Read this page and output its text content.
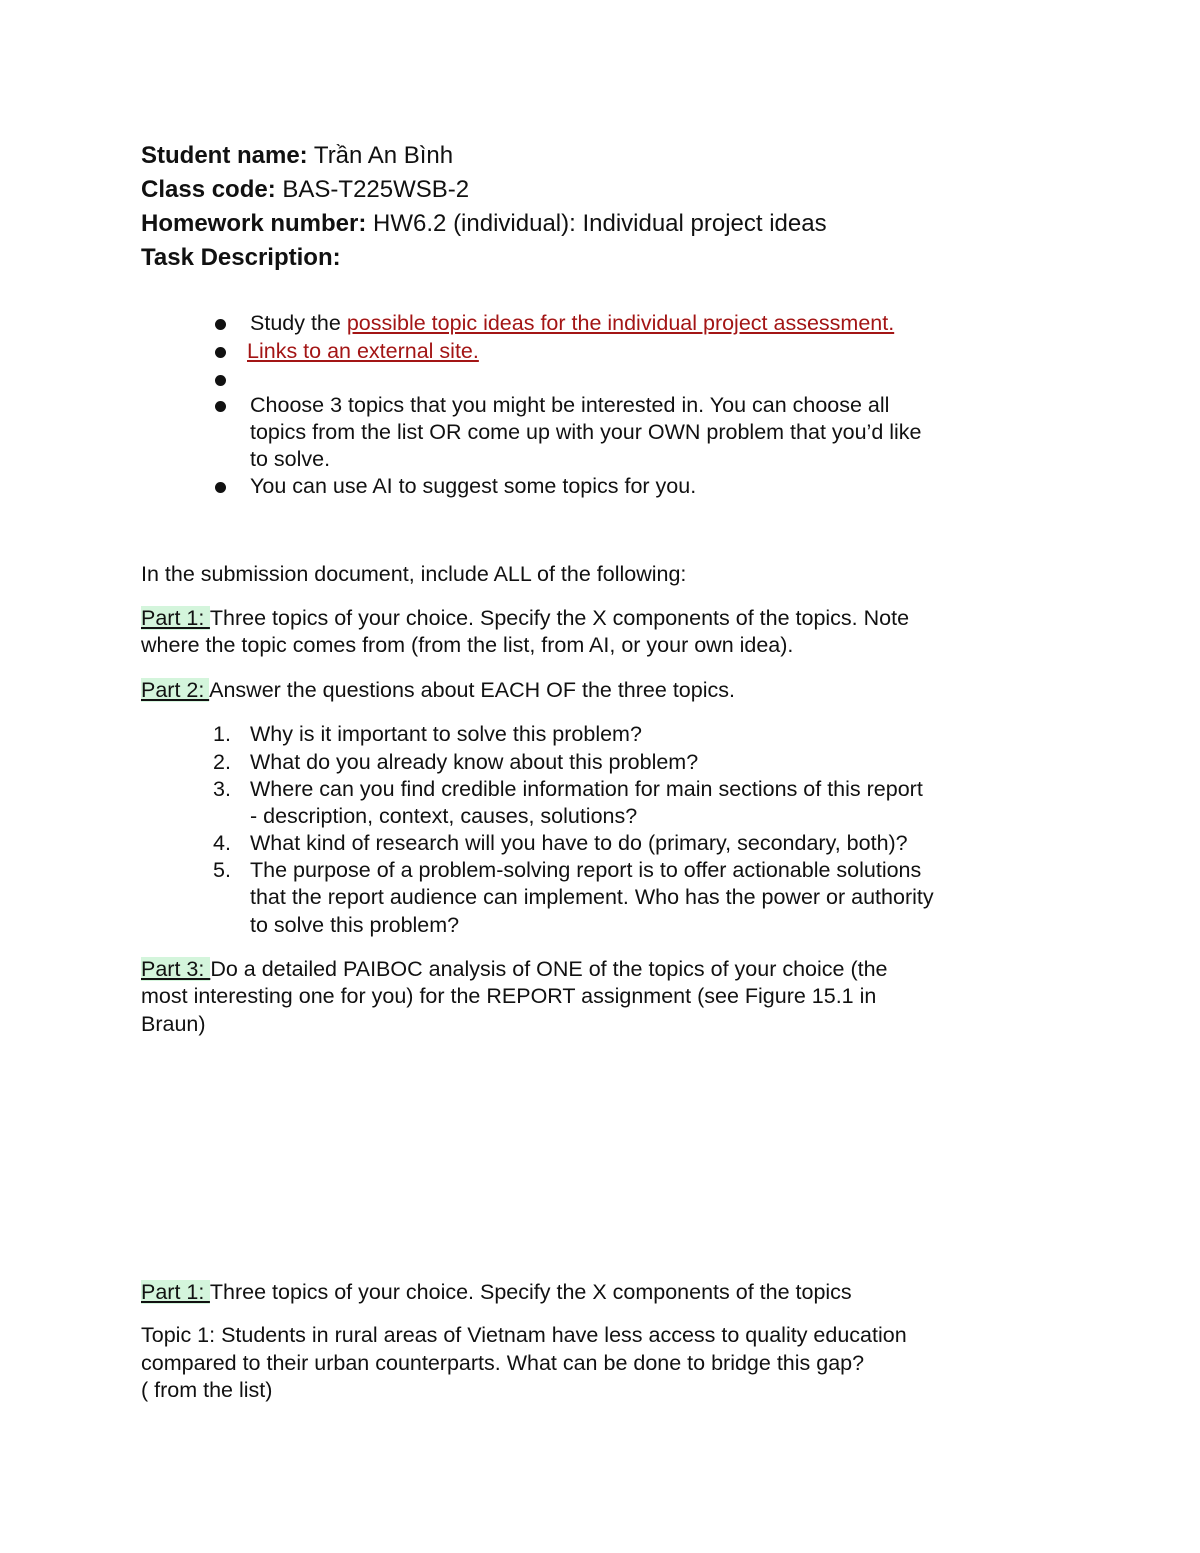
Student name: Trần An Bình
Class code: BAS-T225WSB-2
Homework number: HW6.2 (individual): Individual project ideas
Task Description:
Study the possible topic ideas for the individual project assessment.
Links to an external site.
Choose 3 topics that you might be interested in. You can choose all
topics from the list OR come up with your OWN problem that you’d like
to solve.
You can use AI to suggest some topics for you.
In the submission document, include ALL of the following:
Part 1: Three topics of your choice. Specify the X components of the topics. Note
where the topic comes from (from the list, from AI, or your own idea).
Part 2: Answer the questions about EACH OF the three topics.
1. Why is it important to solve this problem?
2. What do you already know about this problem?
3. Where can you find credible information for main sections of this report
- description, context, causes, solutions?
4. What kind of research will you have to do (primary, secondary, both)?
5. The purpose of a problem-solving report is to offer actionable solutions
that the report audience can implement. Who has the power or authority
to solve this problem?
Part 3: Do a detailed PAIBOC analysis of ONE of the topics of your choice (the
most interesting one for you) for the REPORT assignment (see Figure 15.1 in
Braun)
Part 1: Three topics of your choice. Specify the X components of the topics
Topic 1: Students in rural areas of Vietnam have less access to quality education
compared to their urban counterparts. What can be done to bridge this gap?
( from the list)
